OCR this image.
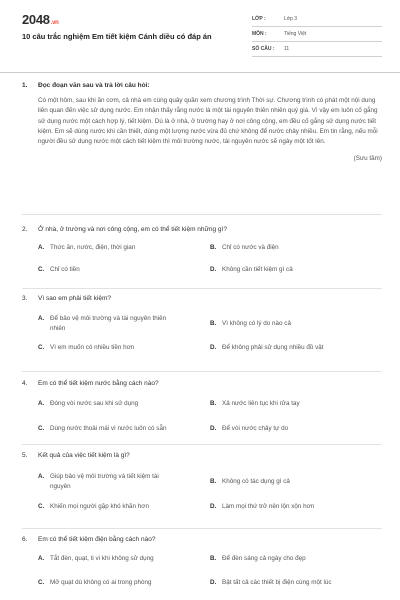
2048.vn
10 câu trắc nghiệm Em tiết kiệm Cánh diều có đáp án
LỚP :	Lớp 3
MÔN :	Tiếng Việt
SỐ CÂU :	11
1.	Đọc đoạn văn sau và trả lời câu hỏi:
Có một hôm, sau khi ăn cơm, cả nhà em cùng quây quần xem chương trình Thời sự. Chương trình có phát một nội dung liên quan đến việc sử dụng nước. Em nhận thấy rằng nước là một tài nguyên thiên nhiên quý giá. Vì vậy em luôn cố gắng sử dụng nước một cách hợp lý, tiết kiệm. Dù là ở nhà, ở trường hay ở nơi công cộng, em đều cố gắng sử dụng nước tiết kiệm. Em sẽ dùng nước khi cần thiết, dùng một lượng nước vừa đủ chứ không để nước chảy nhiều. Em tin rằng, nếu mỗi người đều sử dụng nước một cách tiết kiệm thì môi trường nước, tài nguyên nước sẽ ngày một tốt lên.
(Sưu tầm)
2.	Ở nhà, ở trường và nơi công cộng, em có thể tiết kiệm những gì?
A. Thức ăn, nước, điện, thời gian	B. Chỉ có nước và điện
C. Chỉ có tiền	D. Không cần tiết kiệm gì cả
3.	Vì sao em phải tiết kiệm?
A. Để bảo vệ môi trường và tài nguyên thiên nhiên
B. Vì không có lý do nào cả
C. Vì em muốn có nhiều tiền hơn	D. Để không phải sử dụng nhiều đồ vật
4.	Em có thể tiết kiệm nước bằng cách nào?
A. Đóng vòi nước sau khi sử dụng	B. Xả nước liên tục khi rửa tay
C. Dùng nước thoải mái vì nước luôn có sẵn	D. Để vòi nước chảy tự do
5.	Kết quả của việc tiết kiệm là gì?
A. Giúp bảo vệ môi trường và tiết kiệm tài nguyên
B. Không có tác dụng gì cả
C. Khiến mọi người gặp khó khăn hơn	D. Làm mọi thứ trở nên lộn xộn hơn
6.	Em có thể tiết kiệm điện bằng cách nào?
A. Tắt đèn, quạt, ti vi khi không sử dụng	B. Để đèn sáng cả ngày cho đẹp
C. Mở quạt dù không có ai trong phòng	D. Bật tất cả các thiết bị điện cùng một lúc
